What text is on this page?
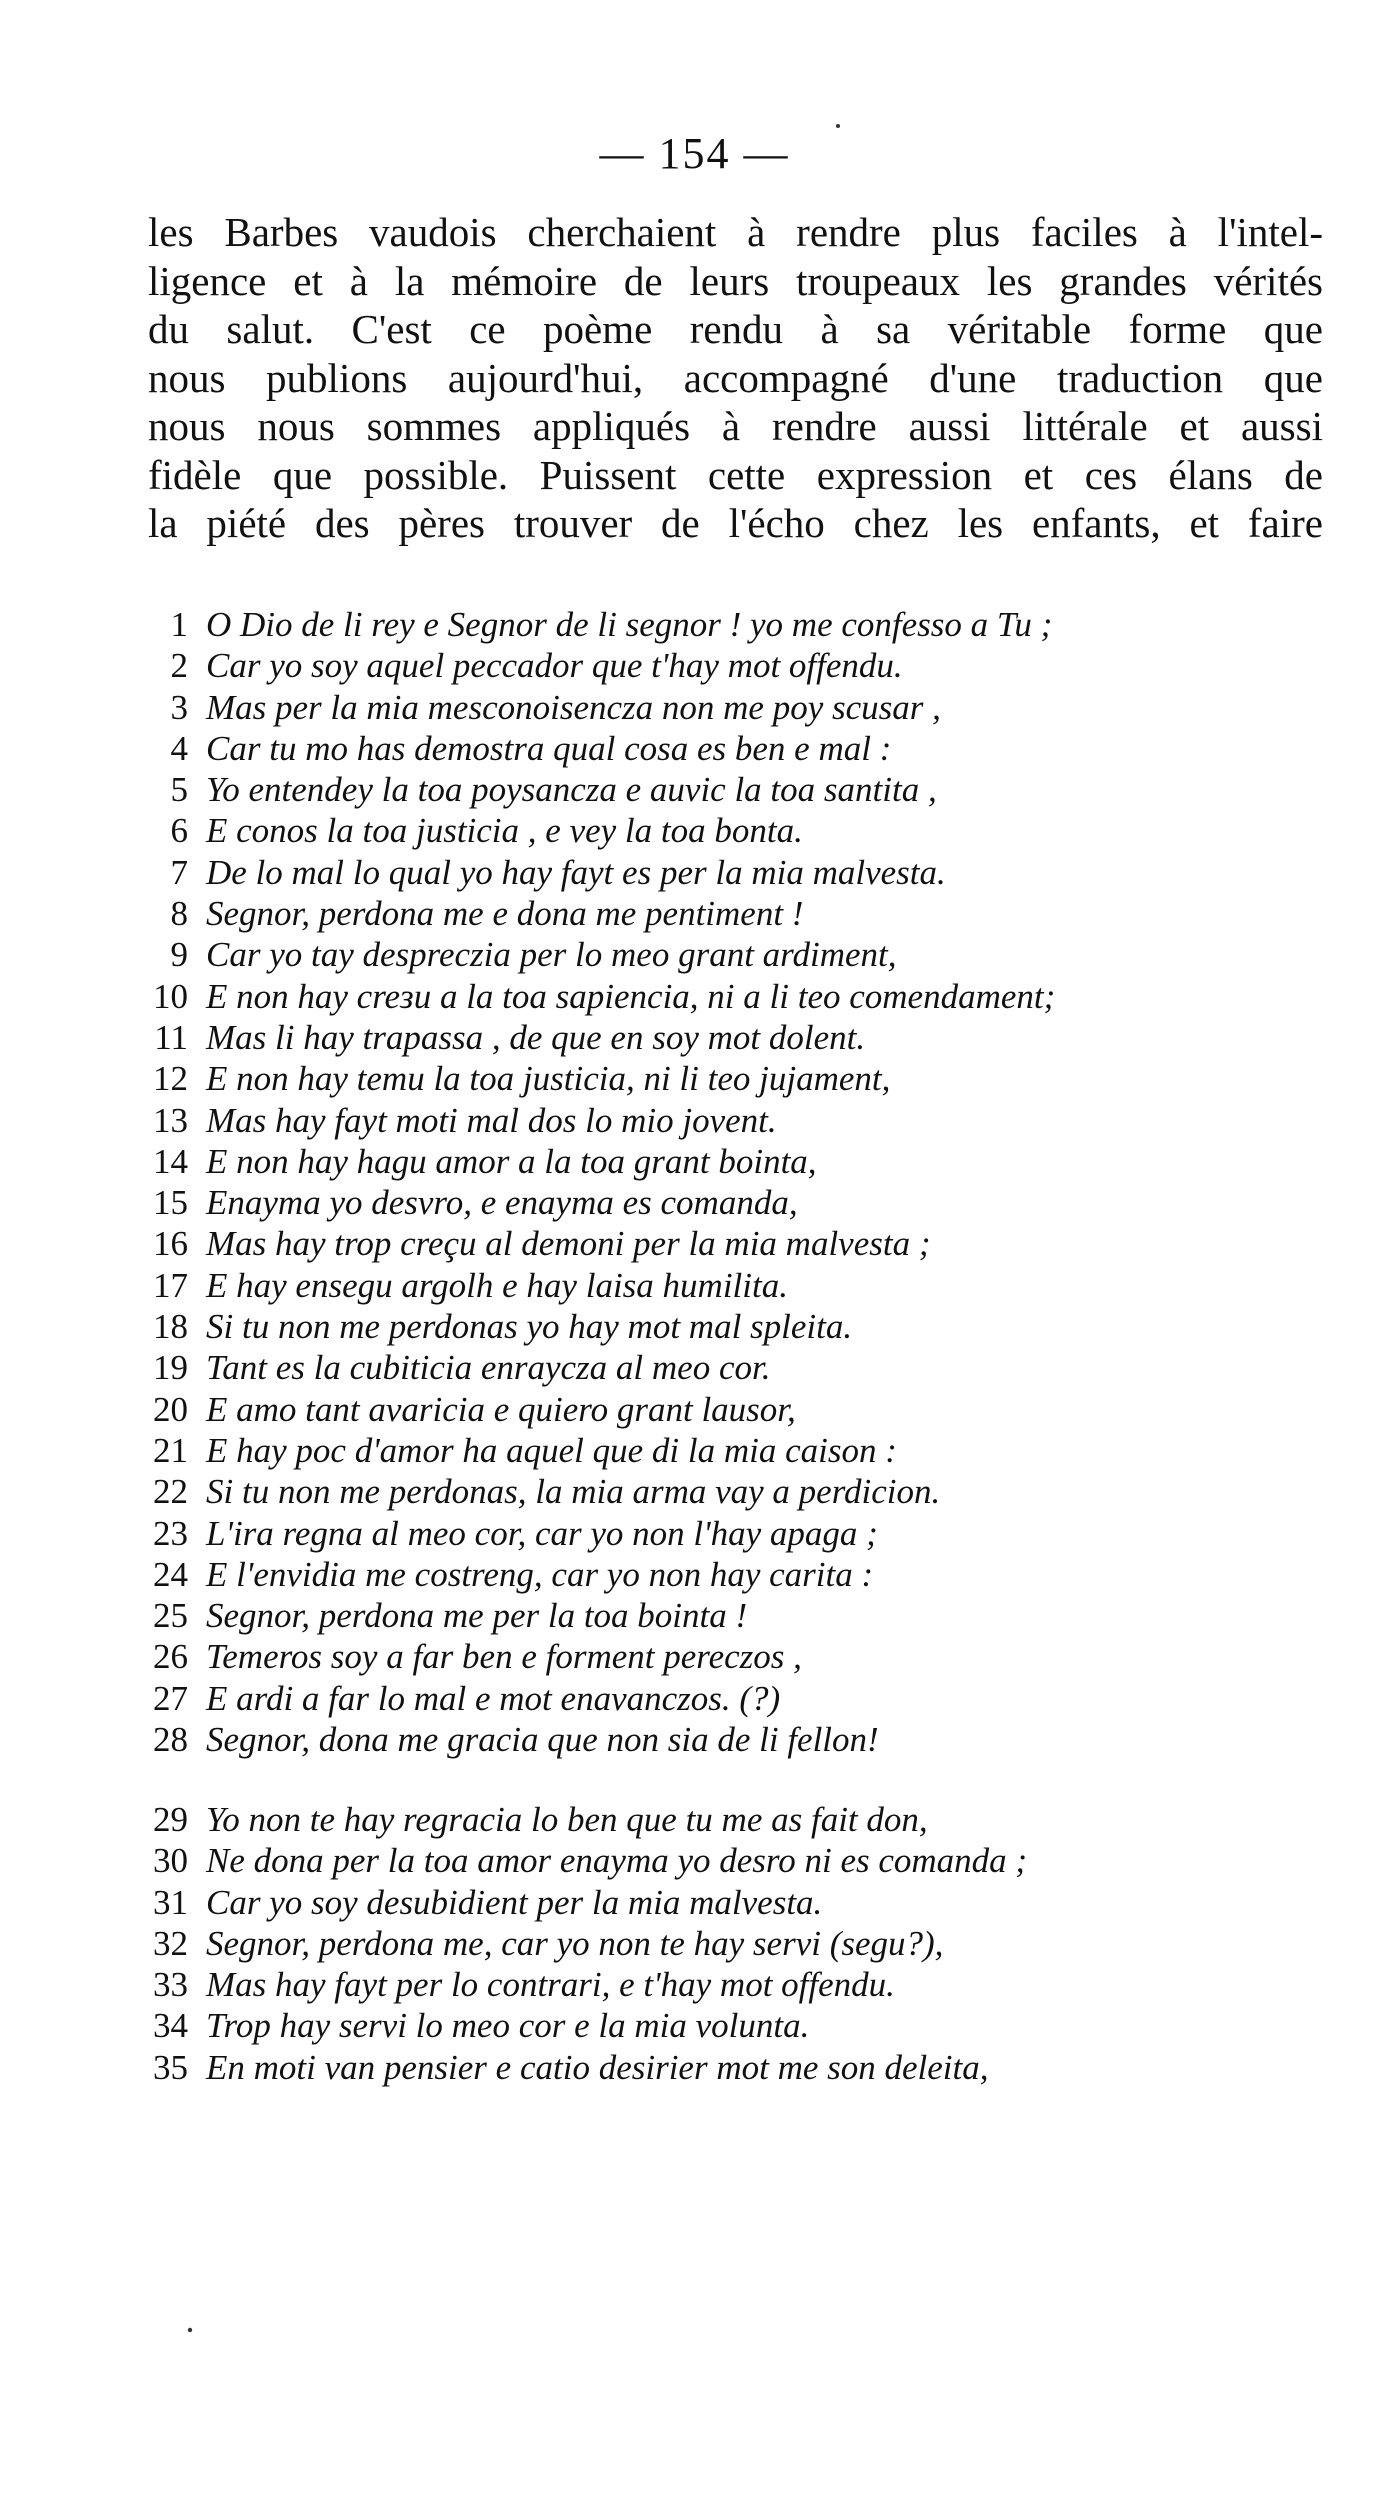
— 154 —
les Barbes vaudois cherchaient à rendre plus faciles à l'intel-
ligence et à la mémoire de leurs troupeaux les grandes vérités
du salut. C'est ce poème rendu à sa véritable forme que
nous publions aujourd'hui, accompagné d'une traduction que
nous nous sommes appliqués à rendre aussi littérale et aussi
fidèle que possible. Puissent cette expression et ces élans de
la piété des pères trouver de l'écho chez les enfants, et faire
1 O Dio de li rey e Segnor de li segnor ! yo me confesso a Tu ;
2 Car yo soy aquel peccador que t'hay mot offendu.
3 Mas per la mia mesconoisencza non me poy scusar ,
4 Car tu mo has demostra qual cosa es ben e mal :
5 Yo entendey la toa poysancza e auvic la toa santita ,
6 E conos la toa justicia , e vey la toa bonta.
7 De lo mal lo qual yo hay fayt es per la mia malvesta.
8 Segnor, perdona me e dona me pentiment !
9 Car yo tay despreczia per lo meo grant ardiment,
10 E non hay creзu a la toa sapiencia, ni a li teo comendament;
11 Mas li hay trapassa , de que en soy mot dolent.
12 E non hay temu la toa justicia, ni li teo jujament,
13 Mas hay fayt moti mal dos lo mio jovent.
14 E non hay hagu amor a la toa grant bointa,
15 Enayma yo desvro, e enayma es comanda,
16 Mas hay trop creçu al demoni per la mia malvesta ;
17 E hay ensegu argolh e hay laisa humilita.
18 Si tu non me perdonas yo hay mot mal spleita.
19 Tant es la cubiticia enraycza al meo cor.
20 E amo tant avaricia e quiero grant lausor,
21 E hay poc d'amor ha aquel que di la mia caison :
22 Si tu non me perdonas, la mia arma vay a perdicion.
23 L'ira regna al meo cor, car yo non l'hay apaga ;
24 E l'envidia me costreng, car yo non hay carita :
25 Segnor, perdona me per la toa bointa !
26 Temeros soy a far ben e forment pereczos ,
27 E ardi a far lo mal e mot enavanczos. (?)
28 Segnor, dona me gracia que non sia de li fellon!
29 Yo non te hay regracia lo ben que tu me as fait don,
30 Ne dona per la toa amor enayma yo desro ni es comanda ;
31 Car yo soy desubidient per la mia malvesta.
32 Segnor, perdona me, car yo non te hay servi (segu?),
33 Mas hay fayt per lo contrari, e t'hay mot offendu.
34 Trop hay servi lo meo cor e la mia volunta.
35 En moti van pensier e catio desirier mot me son deleita,
